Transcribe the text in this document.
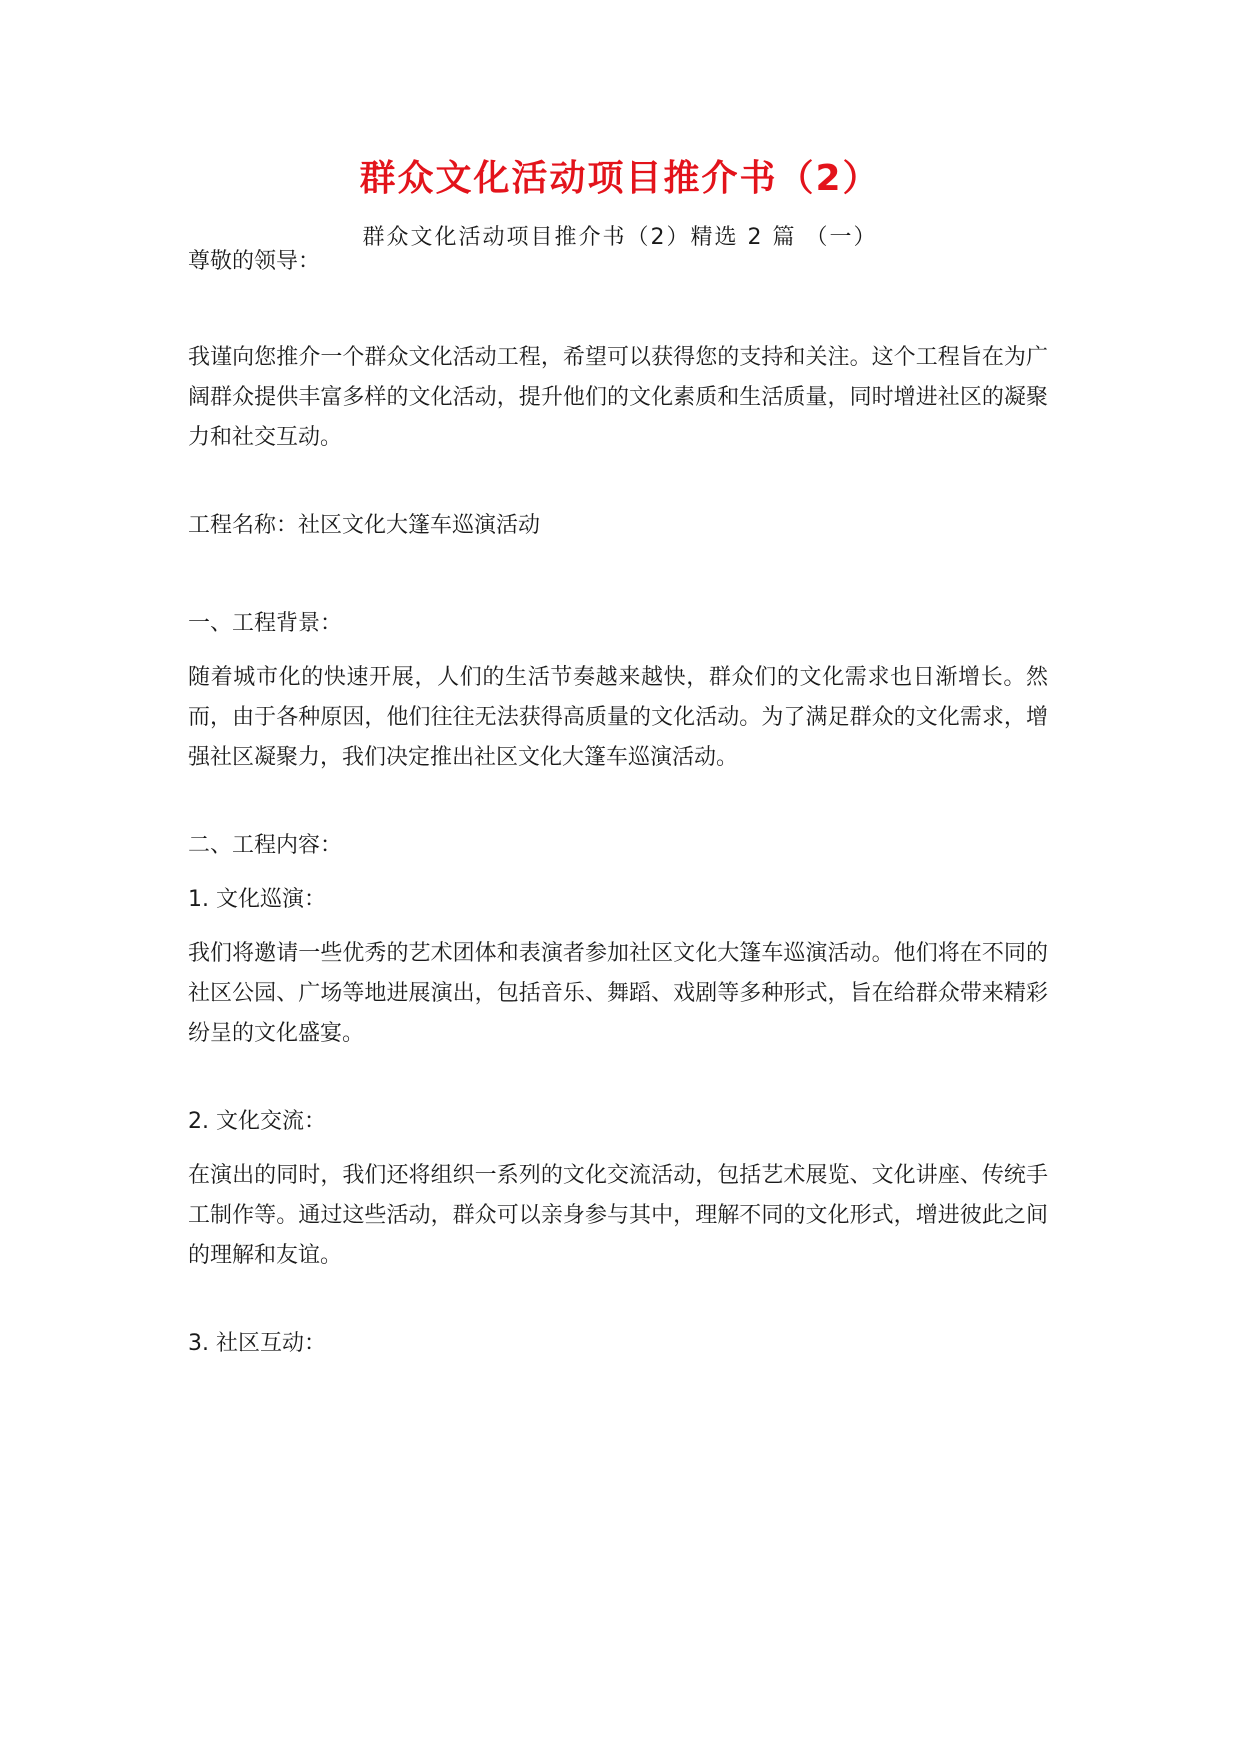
群众文化活动项目推介书（2）

群众文化活动项目推介书（2）精选 2 篇 （一）

尊敬的领导：

我谨向您推介一个群众文化活动工程，希望可以获得您的支持和关注。这个工程旨在为广阔群众提供丰富多样的文化活动，提升他们的文化素质和生活质量，同时增进社区的凝聚力和社交互动。

工程名称：社区文化大篷车巡演活动

一、工程背景：

随着城市化的快速开展，人们的生活节奏越来越快，群众们的文化需求也日渐增长。然而，由于各种原因，他们往往无法获得高质量的文化活动。为了满足群众的文化需求，增强社区凝聚力，我们决定推出社区文化大篷车巡演活动。

二、工程内容：

1. 文化巡演：

我们将邀请一些优秀的艺术团体和表演者参加社区文化大篷车巡演活动。他们将在不同的社区公园、广场等地进展演出，包括音乐、舞蹈、戏剧等多种形式，旨在给群众带来精彩纷呈的文化盛宴。

2. 文化交流：

在演出的同时，我们还将组织一系列的文化交流活动，包括艺术展览、文化讲座、传统手工制作等。通过这些活动，群众可以亲身参与其中，理解不同的文化形式，增进彼此之间的理解和友谊。

3. 社区互动：
